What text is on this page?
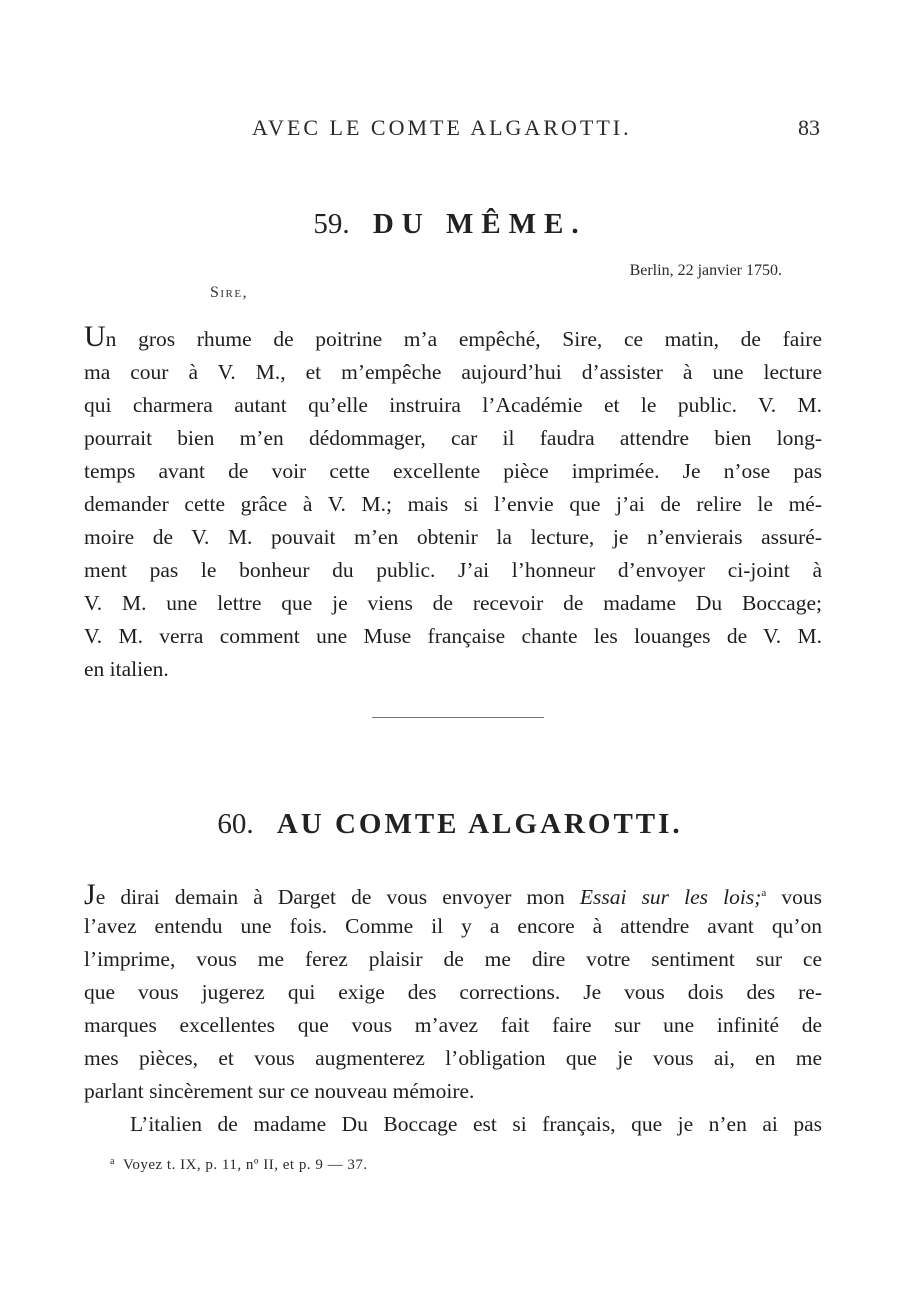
AVEC LE COMTE ALGAROTTI.	83
59. DU MÊME.
Berlin, 22 janvier 1750.
Sire,
Un gros rhume de poitrine m’a empêché, Sire, ce matin, de faire
ma cour à V. M., et m’empêche aujourd’hui d’assister à une lecture
qui charmera autant qu’elle instruira l’Académie et le public. V. M.
pourrait bien m’en dédommager, car il faudra attendre bien long-
temps avant de voir cette excellente pièce imprimée. Je n’ose pas
demander cette grâce à V. M.; mais si l’envie que j’ai de relire le mé-
moire de V. M. pouvait m’en obtenir la lecture, je n’envierais assuré-
ment pas le bonheur du public. J’ai l’honneur d’envoyer ci-joint à
V. M. une lettre que je viens de recevoir de madame Du Boccage;
V. M. verra comment une Muse française chante les louanges de V. M.
en italien.
60. AU COMTE ALGAROTTI.
Je dirai demain à Darget de vous envoyer mon Essai sur les lois;$^a$ vous
l’avez entendu une fois. Comme il y a encore à attendre avant qu’on
l’imprime, vous me ferez plaisir de me dire votre sentiment sur ce
que vous jugerez qui exige des corrections. Je vous dois des re-
marques excellentes que vous m’avez fait faire sur une infinité de
mes pièces, et vous augmenterez l’obligation que je vous ai, en me
parlant sincèrement sur ce nouveau mémoire.
L’italien de madame Du Boccage est si français, que je n’en ai pas
$^a$ Voyez t. IX, p. 11, nº II, et p. 9 — 37.
